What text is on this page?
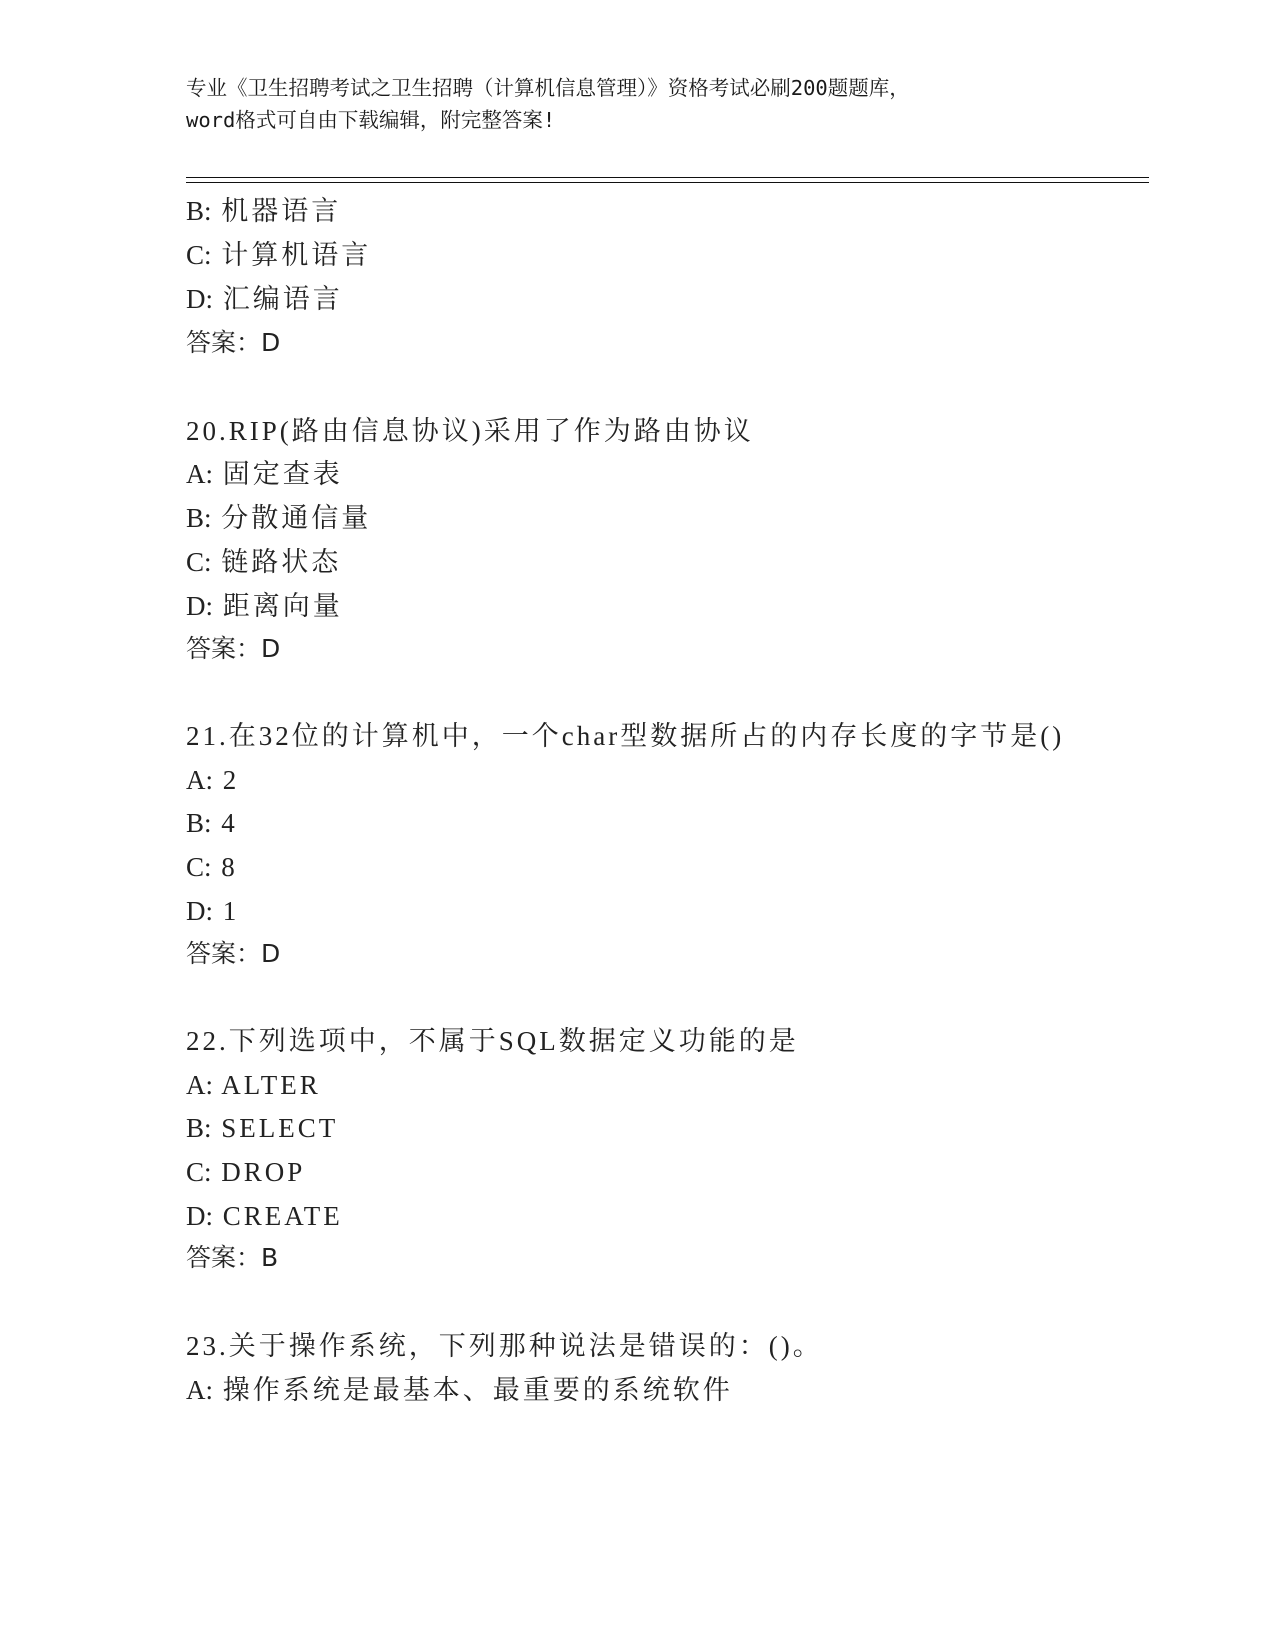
专业《卫生招聘考试之卫生招聘（计算机信息管理）》资格考试必刷200题题库，
word格式可自由下载编辑，附完整答案!
B: 机器语言
C: 计算机语言
D: 汇编语言
答案：D
20.RIP(路由信息协议)采用了作为路由协议
A: 固定查表
B: 分散通信量
C: 链路状态
D: 距离向量
答案：D
21.在32位的计算机中，一个char型数据所占的内存长度的字节是()
A: 2
B: 4
C: 8
D: 1
答案：D
22.下列选项中，不属于SQL数据定义功能的是
A: ALTER
B: SELECT
C: DROP
D: CREATE
答案：B
23.关于操作系统，下列那种说法是错误的：()。
A: 操作系统是最基本、最重要的系统软件
